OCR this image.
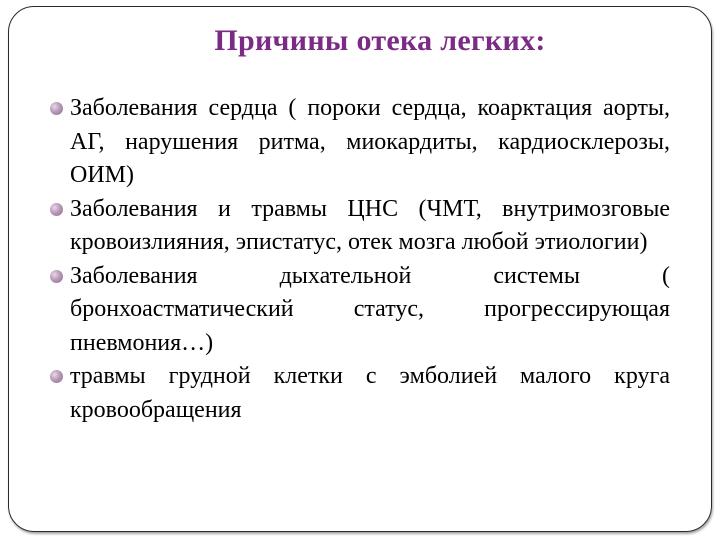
Причины отека легких:
Заболевания сердца ( пороки сердца, коарктация аорты, АГ, нарушения ритма, миокардиты, кардиосклерозы, ОИМ)
Заболевания и травмы ЦНС (ЧМТ, внутримозговые кровоизлияния, эпистатус, отек мозга любой этиологии)
Заболевания дыхательной системы ( бронхоастматический статус, прогрессирующая пневмония…)
травмы грудной клетки с эмболией малого круга кровообращения
